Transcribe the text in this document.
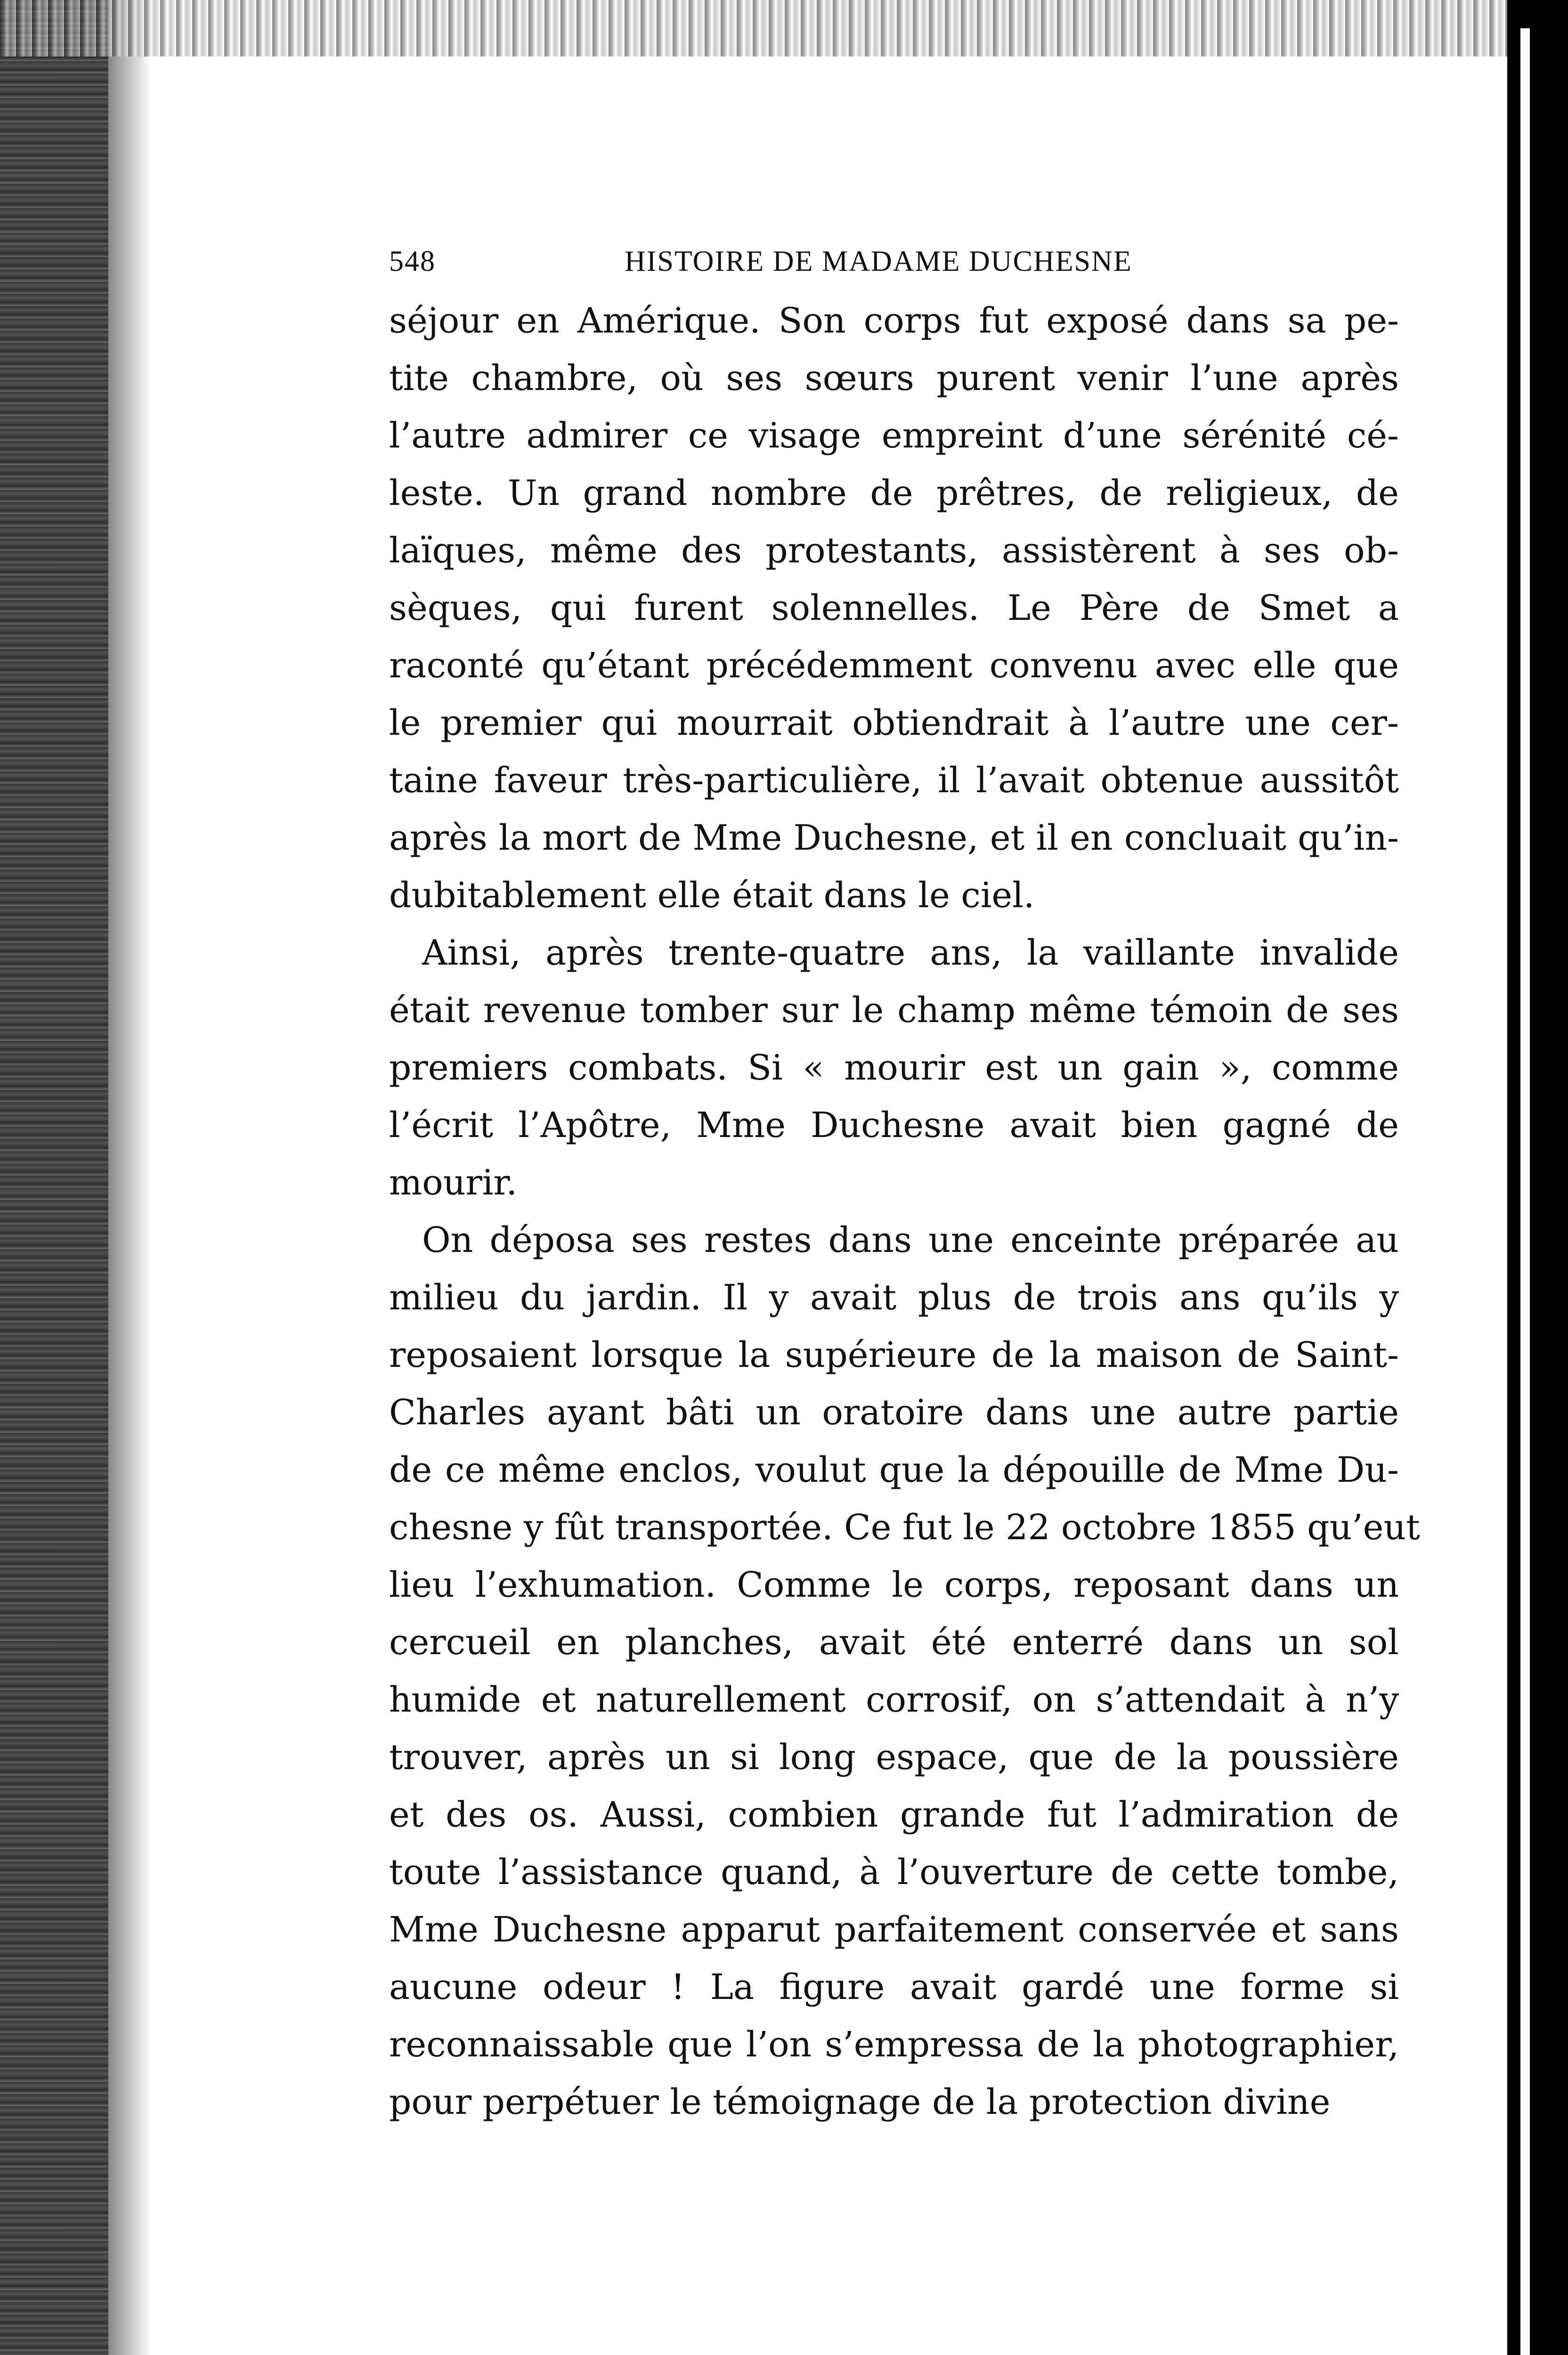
548	HISTOIRE DE MADAME DUCHESNE
séjour en Amérique. Son corps fut exposé dans sa pe-
tite chambre, où ses sœurs purent venir l’une après
l’autre admirer ce visage empreint d’une sérénité cé-
leste. Un grand nombre de prêtres, de religieux, de
laïques, même des protestants, assistèrent à ses ob-
sèques, qui furent solennelles. Le Père de Smet a
raconté qu’étant précédemment convenu avec elle que
le premier qui mourrait obtiendrait à l’autre une cer-
taine faveur très-particulière, il l’avait obtenue aussitôt
après la mort de Mme Duchesne, et il en concluait qu’in-
dubitablement elle était dans le ciel.
Ainsi, après trente-quatre ans, la vaillante invalide
était revenue tomber sur le champ même témoin de ses
premiers combats. Si « mourir est un gain », comme
l’écrit l’Apôtre, Mme Duchesne avait bien gagné de
mourir.
On déposa ses restes dans une enceinte préparée au
milieu du jardin. Il y avait plus de trois ans qu’ils y
reposaient lorsque la supérieure de la maison de Saint-
Charles ayant bâti un oratoire dans une autre partie
de ce même enclos, voulut que la dépouille de Mme Du-
chesne y fût transportée. Ce fut le 22 octobre 1855 qu’eut
lieu l’exhumation. Comme le corps, reposant dans un
cercueil en planches, avait été enterré dans un sol
humide et naturellement corrosif, on s’attendait à n’y
trouver, après un si long espace, que de la poussière
et des os. Aussi, combien grande fut l’admiration de
toute l’assistance quand, à l’ouverture de cette tombe,
Mme Duchesne apparut parfaitement conservée et sans
aucune odeur ! La figure avait gardé une forme si
reconnaissable que l’on s’empressa de la photographier,
pour perpétuer le témoignage de la protection divine
